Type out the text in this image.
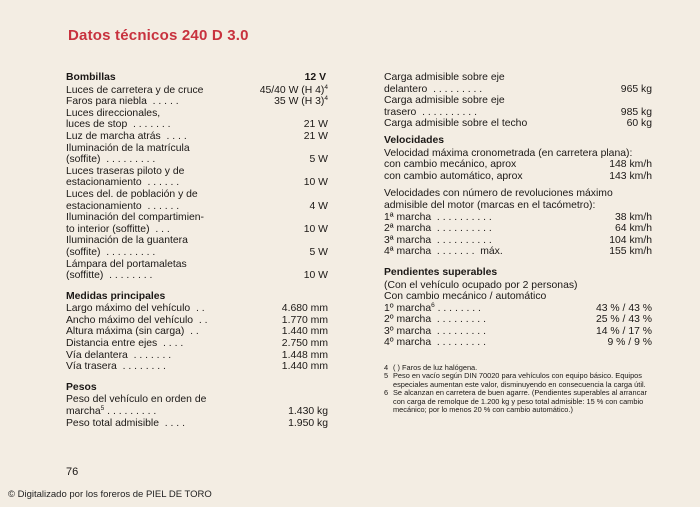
Datos técnicos 240 D 3.0
Bombillas	12 V
Luces de carretera y de cruce	45/40 W (H 4)$^4$
Faros para niebla  . . . . .	35 W (H 3)$^4$
Luces direccionales,
luces de stop  . . . . . . .	21 W
Luz de marcha atrás  . . . .	21 W
Iluminación de la matrícula
(soffite)  . . . . . . . . .	5 W
Luces traseras piloto y de
estacionamiento  . . . . . .	10 W
Luces del. de población y de
estacionamiento  . . . . . .	4 W
Iluminación del compartimien-
to interior (soffitte)  . . .	10 W
Iluminación de la guantera
(soffite)  . . . . . . . . .	5 W
Lámpara del portamaletas
(soffitte)  . . . . . . . .	10 W
Medidas principales
Largo máximo del vehículo  . .	4.680 mm
Ancho máximo del vehículo  . .	1.770 mm
Altura máxima (sin carga)  . .	1.440 mm
Distancia entre ejes  . . . .	2.750 mm
Vía delantera  . . . . . . .	1.448 mm
Vía trasera  . . . . . . . .	1.440 mm
Pesos
Peso del vehículo en orden de
marcha$^5$ . . . . . . . . .	1.430 kg
Peso total admisible  . . . .	1.950 kg
Carga admisible sobre eje
delantero  . . . . . . . . .	965 kg
Carga admisible sobre eje
trasero  . . . . . . . . . .	985 kg
Carga admisible sobre el techo	60 kg
Velocidades
Velocidad máxima cronometrada (en carretera plana):
con cambio mecánico, aprox	148 km/h
con cambio automático, aprox	143 km/h
Velocidades con número de revoluciones máximo admisible del motor (marcas en el tacómetro):
1ª marcha  . . . . . . . . . .	38 km/h
2ª marcha  . . . . . . . . . .	64 km/h
3ª marcha  . . . . . . . . . .	104 km/h
4ª marcha  . . . . . . .  máx.	155 km/h
Pendientes superables
(Con el vehículo ocupado por 2 personas)
Con cambio mecánico / automático
1º marcha$^6$ . . . . . . . .	43 % / 43 %
2º marcha  . . . . . . . . .	25 % / 43 %
3º marcha  . . . . . . . . .	14 % / 17 %
4º marcha  . . . . . . . . .	9 % / 9 %
4 ( ) Faros de luz halógena.
5 Peso en vacío según DIN 70020 para vehículos con equipo básico. Equipos especiales aumentan este valor, disminuyendo en consecuencia la carga útil.
6 Se alcanzan en carretera de buen agarre. (Pendientes superables al arrancar con carga de remolque de 1.200 kg y peso total admisible: 15 % con cambio mecánico; por lo menos 20 % con cambio automático.)
76
© Digitalizado por los foreros de PIEL DE TORO
